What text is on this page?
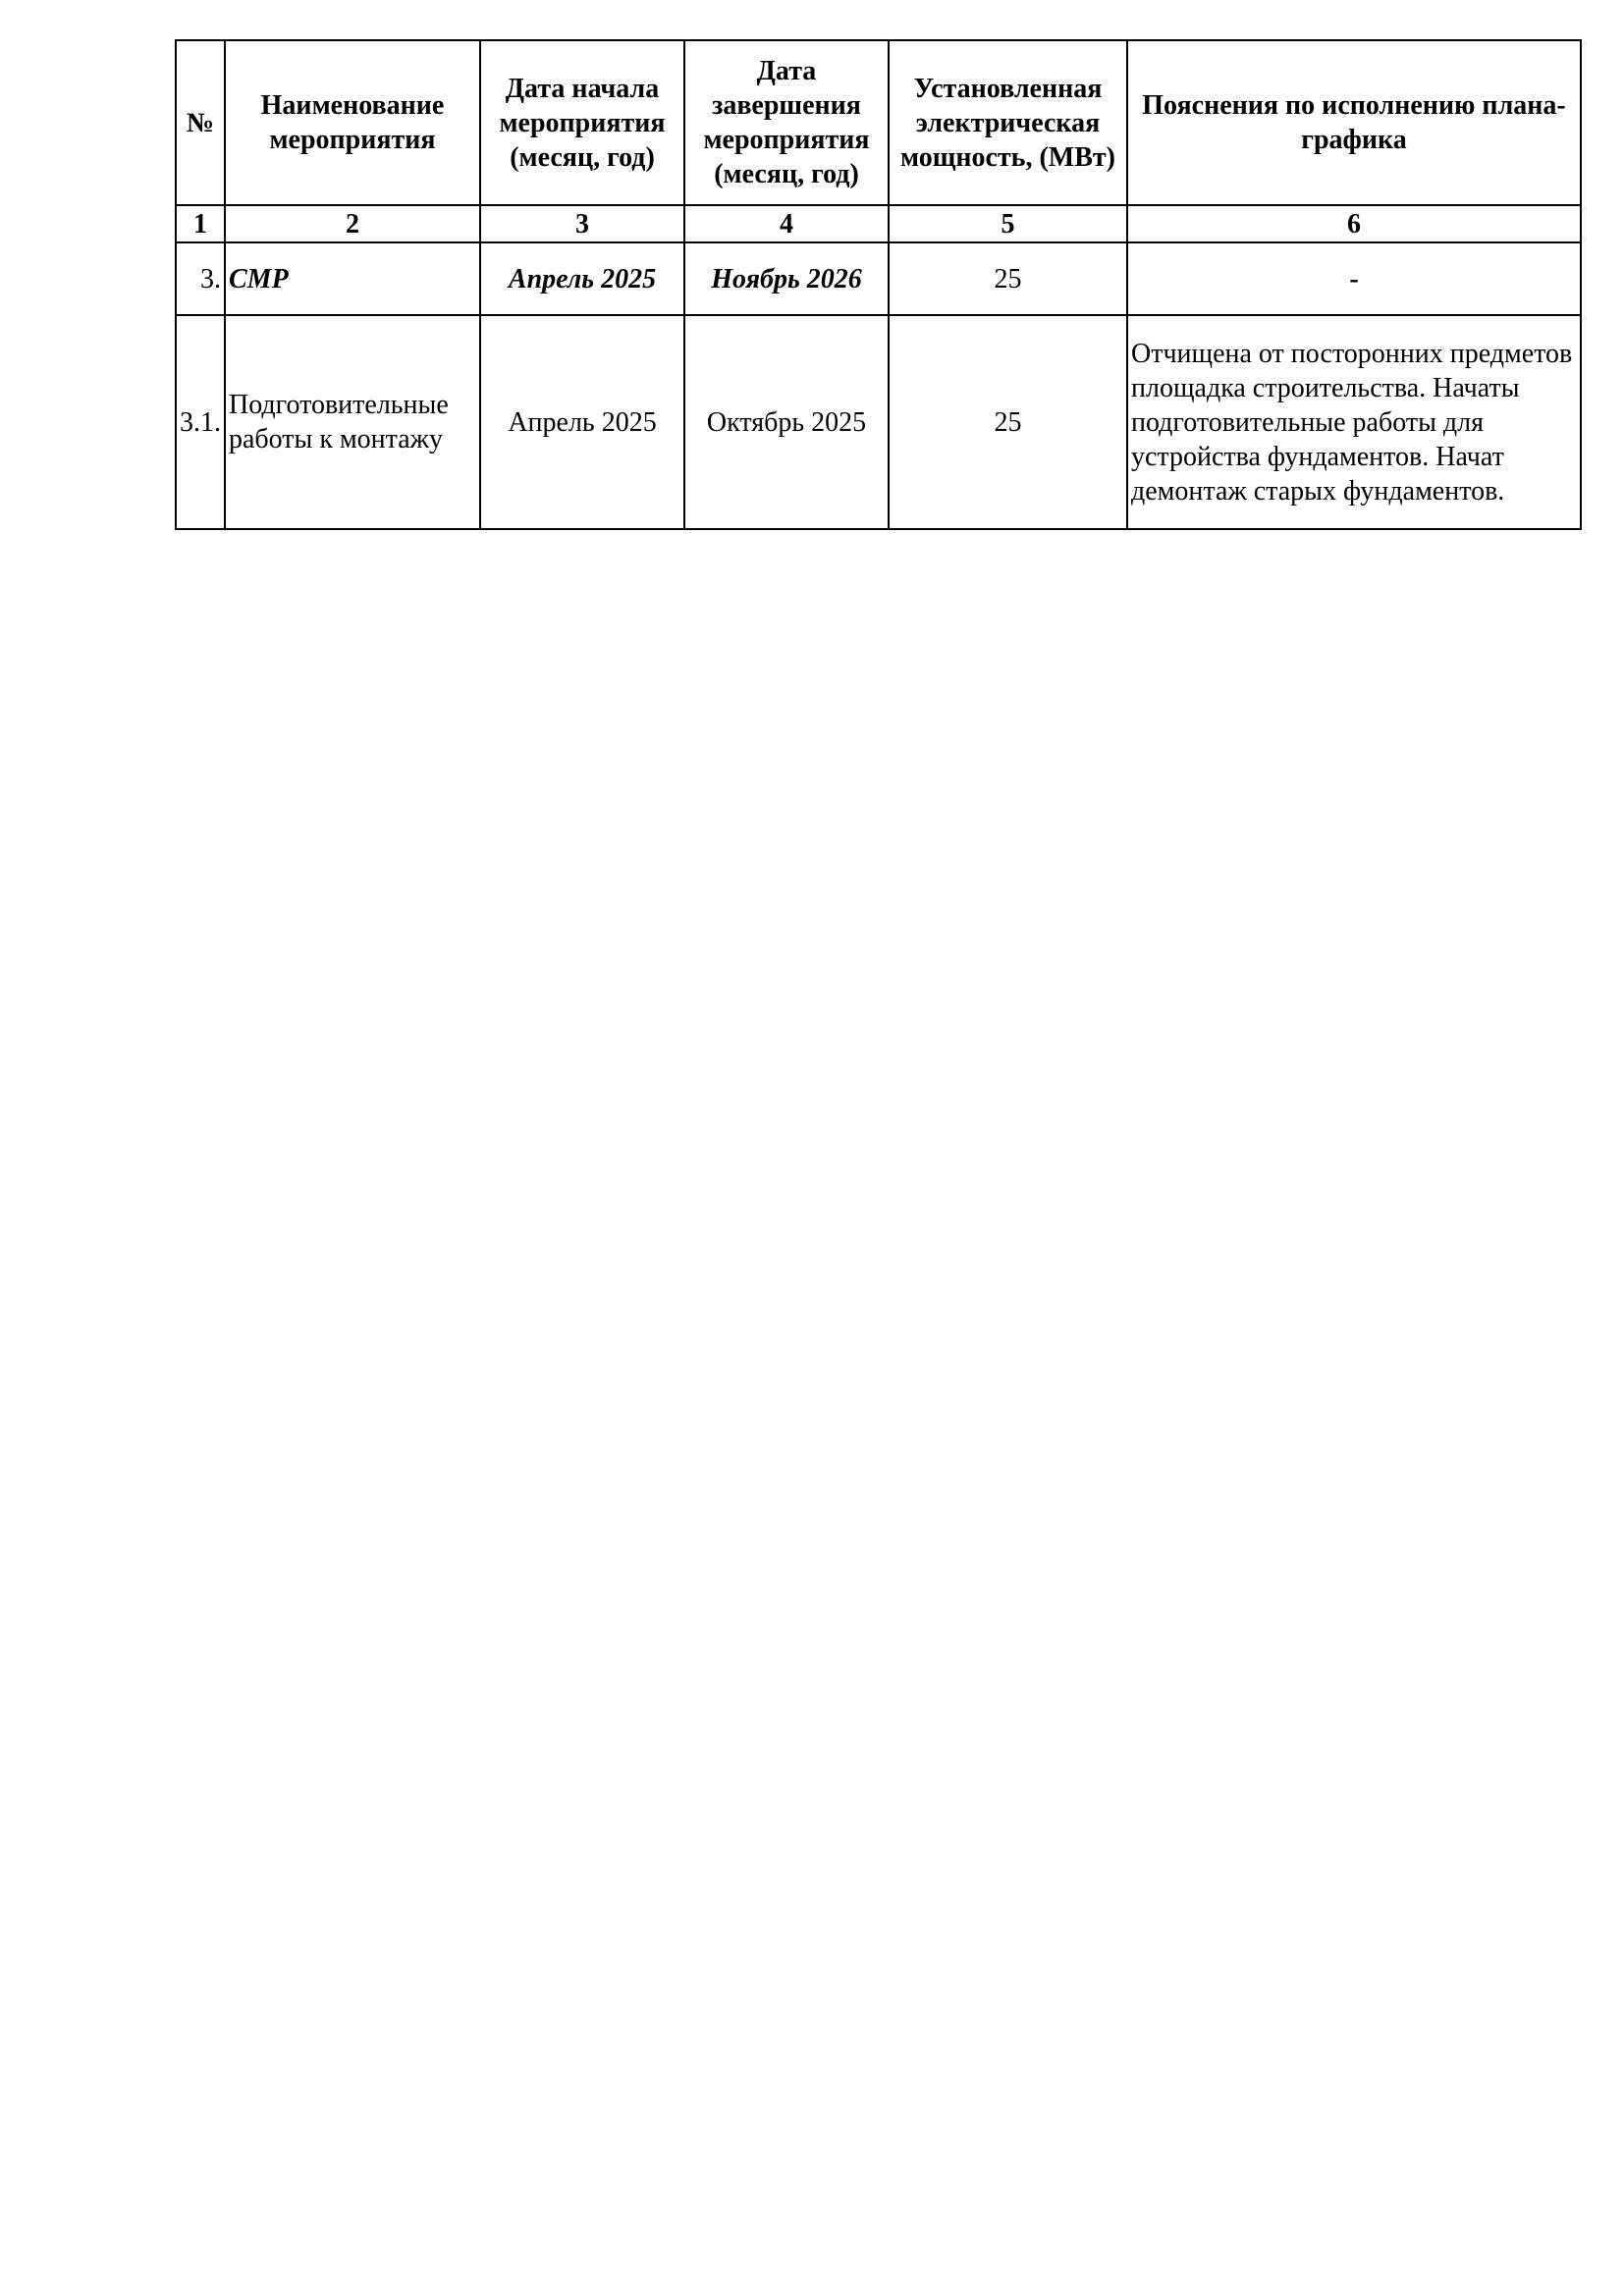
№	Наименование мероприятия	Дата начала мероприятия (месяц, год)	Дата завершения мероприятия (месяц, год)	Установленная электрическая мощность, (МВт)	Пояснения по исполнению плана-графика
1	2	3	4	5	6
3.	СМР	Апрель 2025	Ноябрь 2026	25	-
3.1.	Подготовительные работы к монтажу	Апрель 2025	Октябрь 2025	25	Отчищена от посторонних предметов площадка строительства. Начаты подготовительные работы для устройства фундаментов. Начат демонтаж старых фундаментов.
